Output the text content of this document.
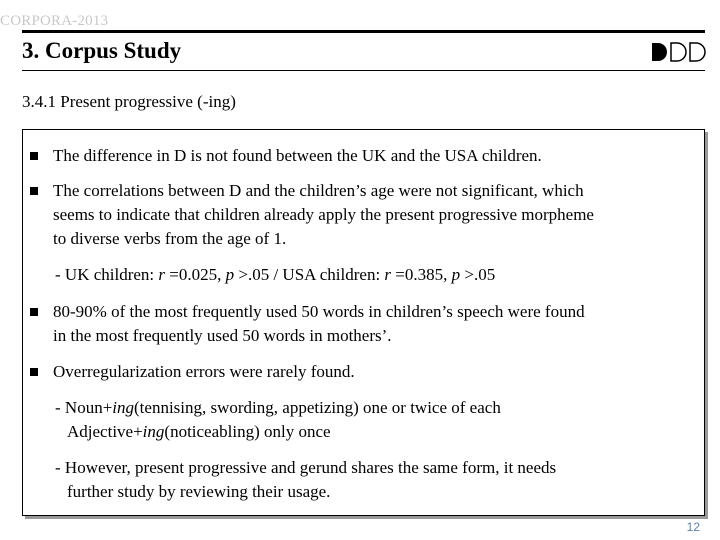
CORPORA-2013
3. Corpus Study	DDD
3.4.1 Present progressive (-ing)
The difference in D is not found between the UK and the USA children.
The correlations between D and the children’s age were not significant, which
seems to indicate that children already apply the present progressive morpheme
to diverse verbs from the age of 1.
- UK children: r =0.025, p >.05 / USA children: r =0.385, p >.05
80-90% of the most frequently used 50 words in children’s speech were found
in the most frequently used 50 words in mothers’.
Overregularization errors were rarely found.
- Noun+ing(tennising, swording, appetizing) one or twice of each
Adjective+ing(noticeabling) only once
- However, present progressive and gerund shares the same form, it needs
further study by reviewing their usage.
12
